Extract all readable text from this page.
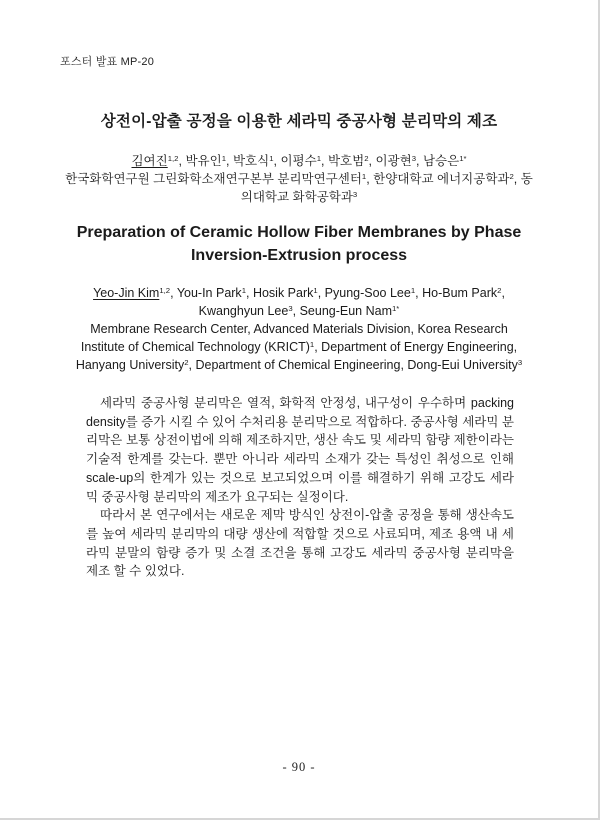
포스터 발표 MP-20
상전이-압출 공정을 이용한 세라믹 중공사형 분리막의 제조

김여진$^{1,2}$, 박유인$^1$, 박호식$^1$, 이평수$^1$, 박호범$^2$, 이광현$^3$, 남승은$^{1*}$

한국화학연구원 그린화학소재연구본부 분리막연구센터$^1$, 한양대학교 에너지공학과$^2$, 동의대학교 화학공학과$^3$

Preparation of Ceramic Hollow Fiber Membranes by Phase Inversion-Extrusion process

Yeo-Jin Kim$^{1,2}$, You-In Park$^1$, Hosik Park$^1$, Pyung-Soo Lee$^1$, Ho-Bum Park$^2$, Kwanghyun Lee$^3$, Seung-Eun Nam$^{1*}$

Membrane Research Center, Advanced Materials Division, Korea Research Institute of Chemical Technology (KRICT)$^1$, Department of Energy Engineering, Hanyang University$^2$, Department of Chemical Engineering, Dong-Eui University$^3$

세라믹 중공사형 분리막은 열적, 화학적 안정성, 내구성이 우수하며 packing density를 증가 시킬 수 있어 수처리용 분리막으로 적합하다. 중공사형 세라믹 분리막은 보통 상전이법에 의해 제조하지만, 생산 속도 및 세라믹 함량 제한이라는 기술적 한계를 갖는다. 뿐만 아니라 세라믹 소재가 갖는 특성인 취성으로 인해 scale-up의 한계가 있는 것으로 보고되었으며 이를 해결하기 위해 고강도 세라믹 중공사형 분리막의 제조가 요구되는 실정이다.

따라서 본 연구에서는 새로운 제막 방식인 상전이-압출 공정을 통해 생산속도를 높여 세라믹 분리막의 대량 생산에 적합할 것으로 사료되며, 제조 용액 내 세라믹 분말의 함량 증가 및 소결 조건을 통해 고강도 세라믹 중공사형 분리막을 제조 할 수 있었다.

- 90 -
